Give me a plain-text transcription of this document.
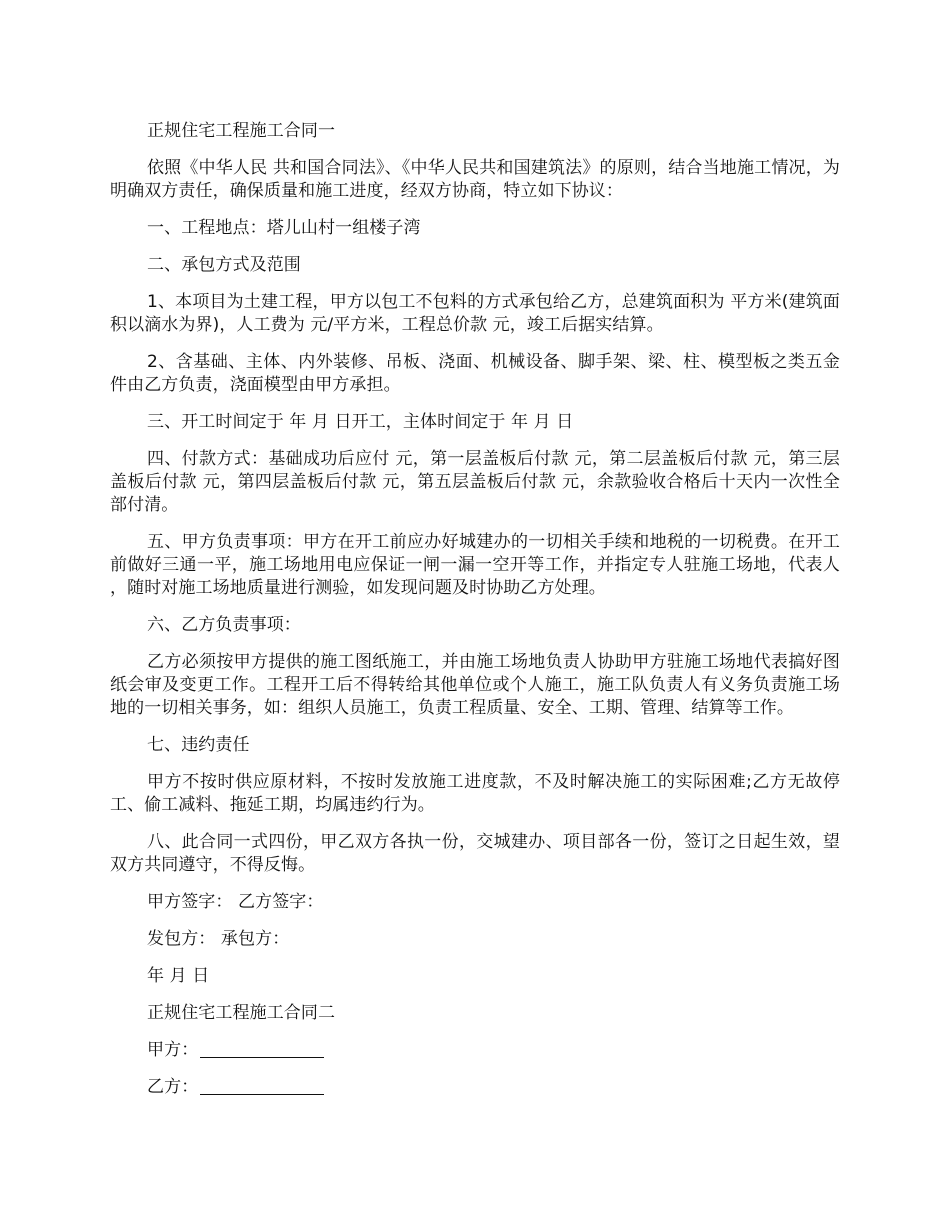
正规住宅工程施工合同一

依照《中华人民 共和国合同法》、《中华人民共和国建筑法》的原则，结合当地施工情况，为明确双方责任，确保质量和施工进度，经双方协商，特立如下协议：

一、工程地点：塔儿山村一组楼子湾

二、承包方式及范围

1、本项目为土建工程，甲方以包工不包料的方式承包给乙方，总建筑面积为 平方米(建筑面积以滴水为界)，人工费为 元/平方米，工程总价款 元，竣工后据实结算。

2、含基础、主体、内外装修、吊板、浇面、机械设备、脚手架、梁、柱、模型板之类五金件由乙方负责，浇面模型由甲方承担。

三、开工时间定于 年 月 日开工，主体时间定于 年 月 日

四、付款方式：基础成功后应付 元，第一层盖板后付款 元，第二层盖板后付款 元，第三层盖板后付款 元，第四层盖板后付款 元，第五层盖板后付款 元，余款验收合格后十天内一次性全部付清。

五、甲方负责事项：甲方在开工前应办好城建办的一切相关手续和地税的一切税费。在开工前做好三通一平，施工场地用电应保证一闸一漏一空开等工作，并指定专人驻施工场地，代表人 ，随时对施工场地质量进行测验，如发现问题及时协助乙方处理。

六、乙方负责事项：

乙方必须按甲方提供的施工图纸施工，并由施工场地负责人协助甲方驻施工场地代表搞好图纸会审及变更工作。工程开工后不得转给其他单位或个人施工，施工队负责人有义务负责施工场地的一切相关事务，如：组织人员施工，负责工程质量、安全、工期、管理、结算等工作。

七、违约责任

甲方不按时供应原材料，不按时发放施工进度款，不及时解决施工的实际困难;乙方无故停工、偷工减料、拖延工期，均属违约行为。

八、此合同一式四份，甲乙双方各执一份，交城建办、项目部各一份，签订之日起生效，望双方共同遵守，不得反悔。

甲方签字： 乙方签字：

发包方： 承包方：

年 月 日

正规住宅工程施工合同二

甲方：

乙方：
